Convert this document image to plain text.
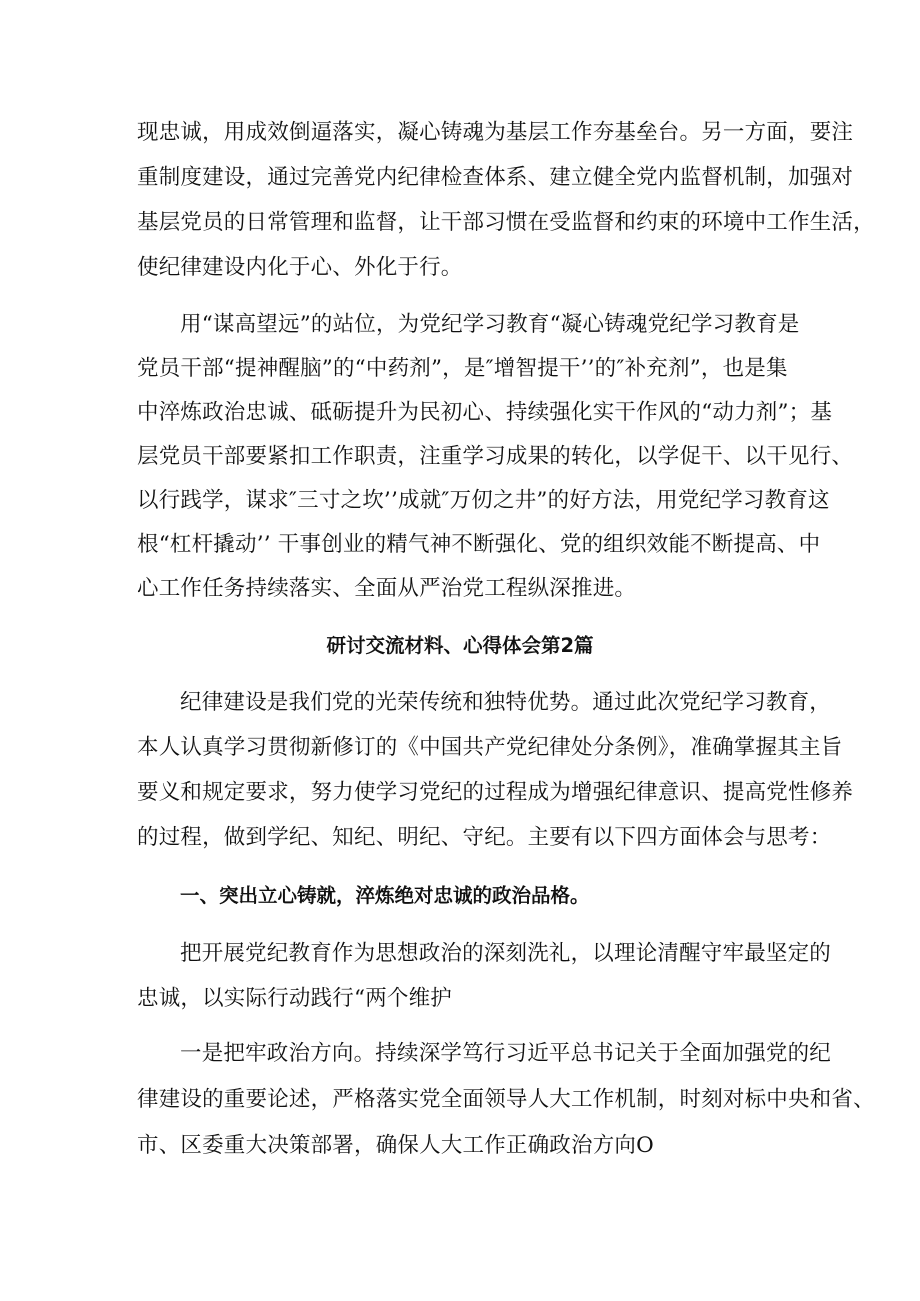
现忠诚，用成效倒逼落实，凝心铸魂为基层工作夯基垒台。另一方面，要注
重制度建设，通过完善党内纪律检查体系、建立健全党内监督机制，加强对
基层党员的日常管理和监督，让干部习惯在受监督和约束的环境中工作生活，
使纪律建设内化于心、外化于行。
用“谋高望远”的站位，为党纪学习教育“凝心铸魂党纪学习教育是
党员干部“提神醒脑”的“中药剂”，是″增智提干’’的″补充剂”，也是集
中淬炼政治忠诚、砥砺提升为民初心、持续强化实干作风的“动力剂”；基
层党员干部要紧扣工作职责，注重学习成果的转化，以学促干、以干见行、
以行践学，谋求″三寸之坎’’成就″万仞之井”的好方法，用党纪学习教育这
根“杠杆撬动’’ 干事创业的精气神不断强化、党的组织效能不断提高、中
心工作任务持续落实、全面从严治党工程纵深推进。
研讨交流材料、心得体会第2篇
纪律建设是我们党的光荣传统和独特优势。通过此次党纪学习教育，
本人认真学习贯彻新修订的《中国共产党纪律处分条例》，准确掌握其主旨
要义和规定要求，努力使学习党纪的过程成为增强纪律意识、提高党性修养
的过程，做到学纪、知纪、明纪、守纪。主要有以下四方面体会与思考：
一、突出立心铸就，淬炼绝对忠诚的政治品格。
把开展党纪教育作为思想政治的深刻洗礼，以理论清醒守牢最坚定的
忠诚，以实际行动践行“两个维护
一是把牢政治方向。持续深学笃行习近平总书记关于全面加强党的纪
律建设的重要论述，严格落实党全面领导人大工作机制，时刻对标中央和省、
市、区委重大决策部署，确保人大工作正确政治方向O
